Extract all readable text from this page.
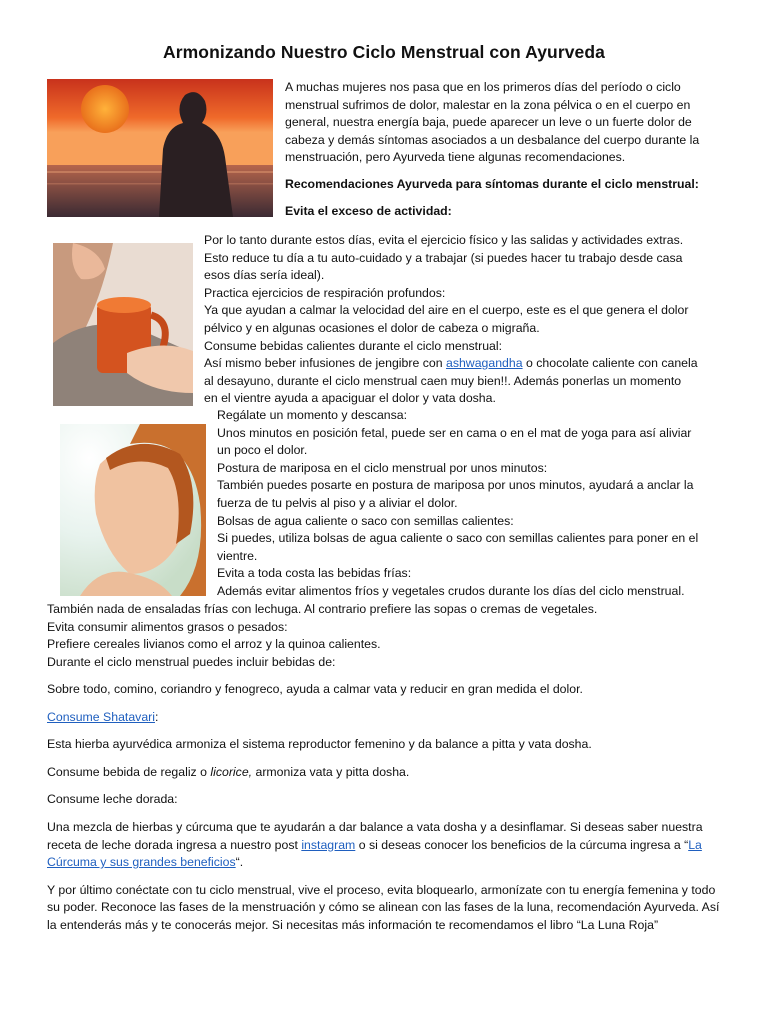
Armonizando Nuestro Ciclo Menstrual con Ayurveda

A muchas mujeres nos pasa que en los primeros días del período o ciclo menstrual sufrimos de dolor, malestar en la zona pélvica o en el cuerpo en general, nuestra energía baja, puede aparecer un leve o un fuerte dolor de cabeza y demás síntomas asociados a un desbalance del cuerpo durante la menstruación, pero Ayurveda tiene algunas recomendaciones.

Recomendaciones Ayurveda para síntomas durante el ciclo menstrual:

Evita el exceso de actividad:

Por lo tanto durante estos días, evita el ejercicio físico y las salidas y actividades extras.

Esto reduce tu día a tu auto-cuidado y a trabajar (si puedes hacer tu trabajo desde casa

esos días sería ideal).

Practica ejercicios de respiración profundos:

Ya que ayudan a calmar la velocidad del aire en el cuerpo, este es el que genera el dolor

pélvico y en algunas ocasiones el dolor de cabeza o migraña.

Consume bebidas calientes durante el ciclo menstrual:

Así mismo beber infusiones de jengibre con ashwagandha o chocolate caliente con canela

al desayuno, durante el ciclo menstrual caen muy bien!!. Además ponerlas un momento

en el vientre ayuda a apaciguar el dolor y vata dosha.

Regálate un momento y descansa:

Unos minutos en posición fetal, puede ser en cama o en el mat de yoga para así aliviar

un poco el dolor.

Postura de mariposa en el ciclo menstrual por unos minutos:

También puedes posarte en postura de mariposa por unos minutos, ayudará a anclar la

fuerza de tu pelvis al piso y a aliviar el dolor.

Bolsas de agua caliente o saco con semillas calientes:

Si puedes, utiliza bolsas de agua caliente o saco con semillas calientes para poner en el

vientre.

Evita a toda costa las bebidas frías:

Además evitar alimentos fríos y vegetales crudos durante los días del ciclo menstrual.

También nada de ensaladas frías con lechuga. Al contrario prefiere las sopas o cremas de vegetales.

Evita consumir alimentos grasos o pesados:

Prefiere cereales livianos como el arroz y la quinoa calientes.

Durante el ciclo menstrual puedes incluir bebidas de:

Sobre todo, comino, coriandro y fenogreco, ayuda a calmar vata y reducir en gran medida el dolor.

Consume Shatavari:

Esta hierba ayurvédica armoniza el sistema reproductor femenino y da balance a pitta y vata dosha.

Consume bebida de regaliz o licorice, armoniza vata y pitta dosha.

Consume leche dorada:

Una mezcla de hierbas y cúrcuma que te ayudarán a dar balance a vata dosha y a desinflamar. Si deseas saber nuestra receta de leche dorada ingresa a nuestro post instagram o si deseas conocer los beneficios de la cúrcuma ingresa a “La Cúrcuma y sus grandes beneficios“.

Y por último conéctate con tu ciclo menstrual, vive el proceso, evita bloquearlo, armonízate con tu energía femenina y todo su poder. Reconoce las fases de la menstruación y cómo se alinean con las fases de la luna, recomendación Ayurveda. Así la entenderás más y te conocerás mejor. Si necesitas más información te recomendamos el libro “La Luna Roja”
